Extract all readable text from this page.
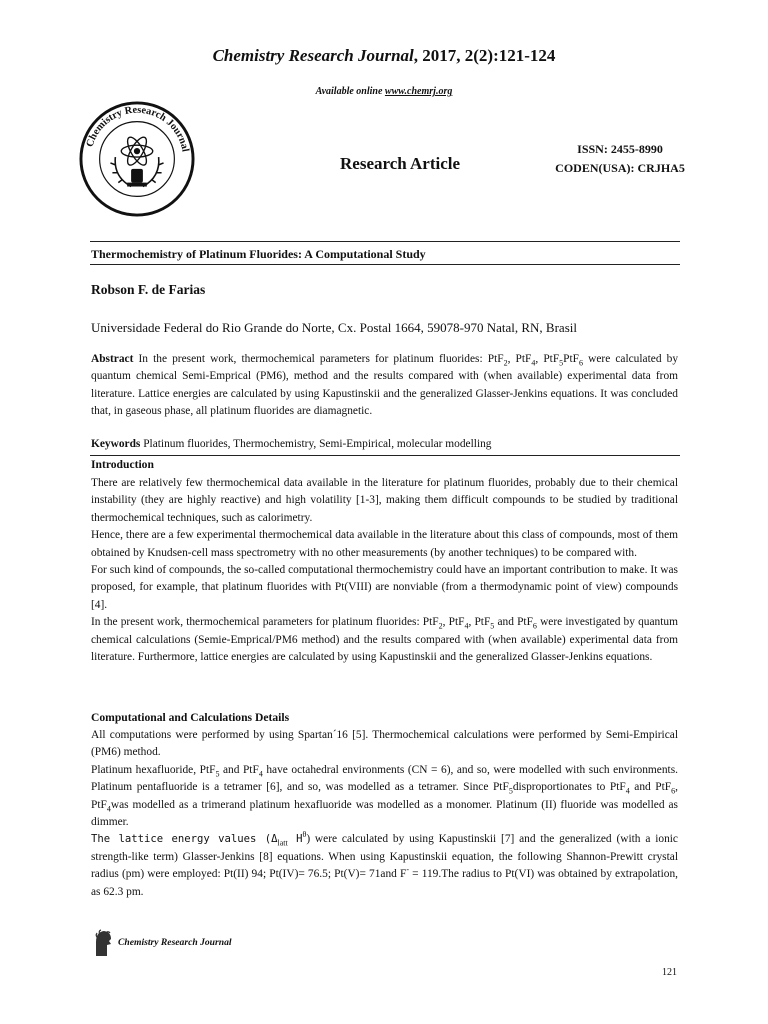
Chemistry Research Journal, 2017, 2(2):121-124
Available online www.chemrj.org
Chemistry Research Journal
Research Article
ISSN: 2455-8990
CODEN(USA): CRJHA5
Thermochemistry of Platinum Fluorides: A Computational Study
Robson F. de Farias
Universidade Federal do Rio Grande do Norte, Cx. Postal 1664, 59078-970 Natal, RN, Brasil
Abstract In the present work, thermochemical parameters for platinum fluorides: PtF$_2$, PtF$_4$, PtF$_5$PtF$_6$ were calculated by quantum chemical Semi-Emprical (PM6), method and the results compared with (when available) experimental data from literature. Lattice energies are calculated by using Kapustinskii and the generalized Glasser-Jenkins equations. It was concluded that, in gaseous phase, all platinum fluorides are diamagnetic.
Keywords Platinum fluorides, Thermochemistry, Semi-Empirical, molecular modelling
Introduction
There are relatively few thermochemical data available in the literature for platinum fluorides, probably due to their chemical instability (they are highly reactive) and high volatility [1-3], making them difficult compounds to be studied by traditional thermochemical techniques, such as calorimetry.
Hence, there are a few experimental thermochemical data available in the literature about this class of compounds, most of them obtained by Knudsen-cell mass spectrometry with no other measurements (by another techniques) to be compared with.
For such kind of compounds, the so-called computational thermochemistry could have an important contribution to make. It was proposed, for example, that platinum fluorides with Pt(VIII) are nonviable (from a thermodynamic point of view) compounds [4].
In the present work, thermochemical parameters for platinum fluorides: PtF$_2$, PtF$_4$, PtF$_5$ and PtF$_6$ were investigated by quantum chemical calculations (Semie-Emprical/PM6 method) and the results compared with (when available) experimental data from literature. Furthermore, lattice energies are calculated by using Kapustinskii and the generalized Glasser-Jenkins equations.
Computational and Calculations Details
All computations were performed by using Spartan´16 [5]. Thermochemical calculations were performed by Semi-Empirical (PM6) method.
Platinum hexafluoride, PtF$_5$ and PtF$_4$ have octahedral environments (CN = 6), and so, were modelled with such environments. Platinum pentafluoride is a tetramer [6], and so, was modelled as a tetramer. Since PtF$_5$disproportionates to PtF$_4$ and PtF$_6$, PtF$_4$was modelled as a trimerand platinum hexafluoride was modelled as a monomer. Platinum (II) fluoride was modelled as dimmer.
The lattice energy values ($\Delta_{latt}$ $H^\theta$) were calculated by using Kapustinskii [7] and the generalized (with a ionic strength-like term) Glasser-Jenkins [8] equations. When using Kapustinskii equation, the following Shannon-Prewitt crystal radius (pm) were employed: Pt(II) 94; Pt(IV)= 76.5; Pt(V)= 71and F- = 119.The radius to Pt(VI) was obtained by extrapolation, as 62.3 pm.
Chemistry Research Journal
121
